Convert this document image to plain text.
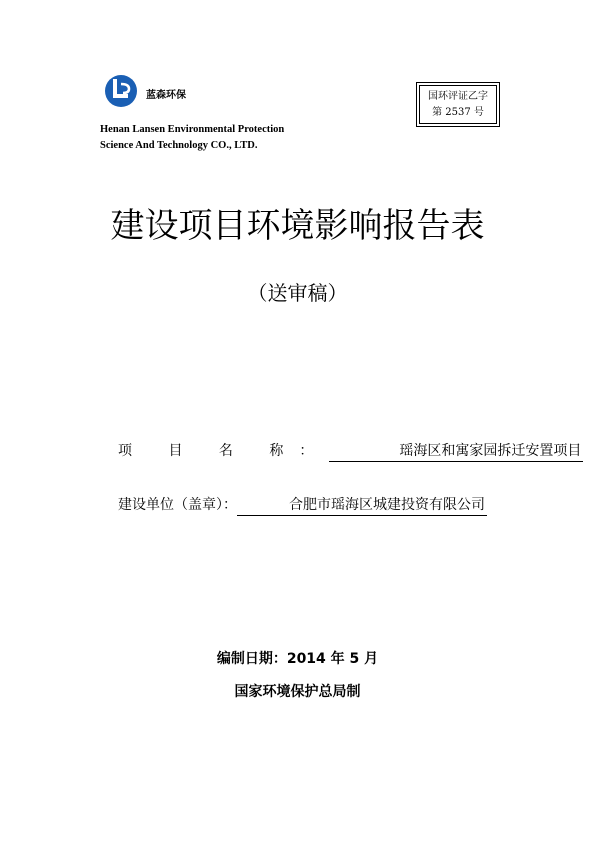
蓝森环保
Henan Lansen Environmental Protection
Science And Technology CO., LTD.
国环评证乙字
第 2537 号
建设项目环境影响报告表
（送审稿）
项 目 名 称：	瑶海区和寓家园拆迁安置项目
建设单位（盖章）：	合肥市瑶海区城建投资有限公司
编制日期：2014 年 5 月
国家环境保护总局制
